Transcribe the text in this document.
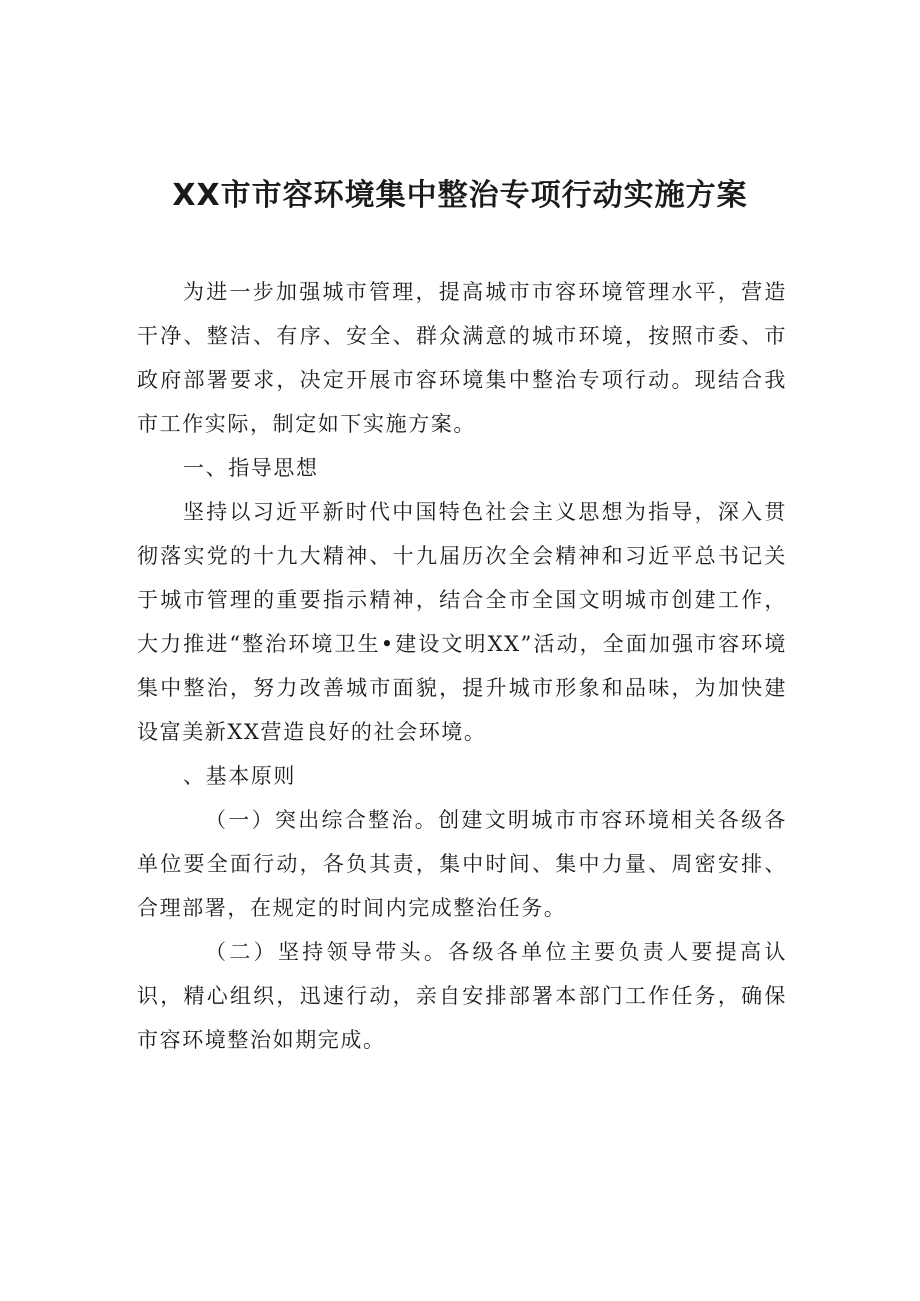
XX市市容环境集中整治专项行动实施方案

为进一步加强城市管理，提高城市市容环境管理水平，营造干净、整洁、有序、安全、群众满意的城市环境，按照市委、市政府部署要求，决定开展市容环境集中整治专项行动。现结合我市工作实际，制定如下实施方案。

一、指导思想

坚持以习近平新时代中国特色社会主义思想为指导，深入贯彻落实党的十九大精神、十九届历次全会精神和习近平总书记关于城市管理的重要指示精神，结合全市全国文明城市创建工作，大力推进“整治环境卫生•建设文明XX”活动，全面加强市容环境集中整治，努力改善城市面貌，提升城市形象和品味，为加快建设富美新XX营造良好的社会环境。

、基本原则

（一）突出综合整治。创建文明城市市容环境相关各级各单位要全面行动，各负其责，集中时间、集中力量、周密安排、合理部署，在规定的时间内完成整治任务。

（二）坚持领导带头。各级各单位主要负责人要提高认识，精心组织，迅速行动，亲自安排部署本部门工作任务，确保市容环境整治如期完成。
